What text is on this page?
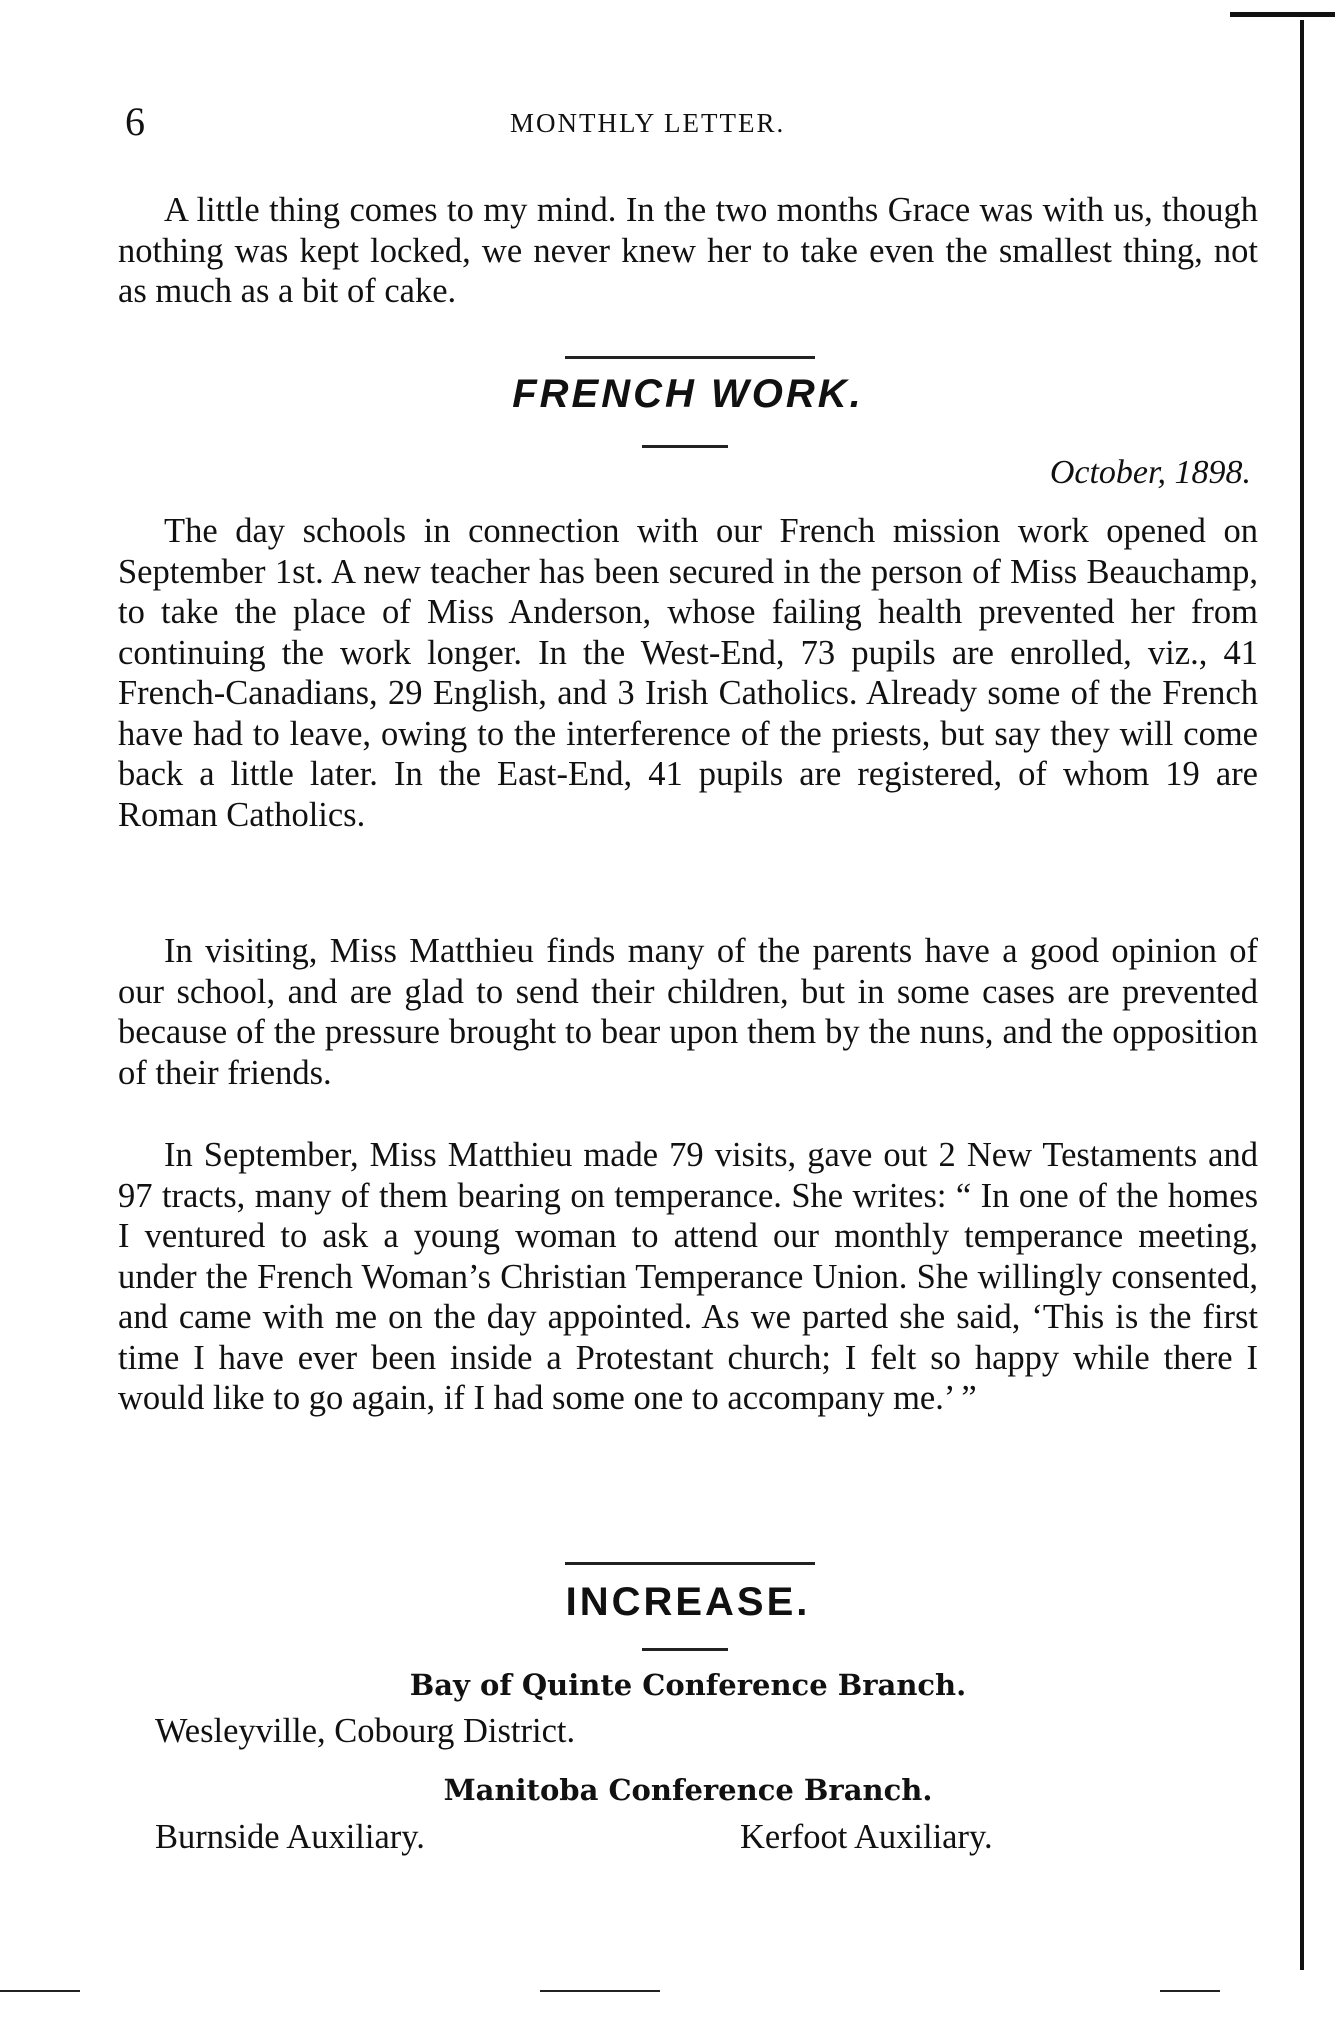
6	MONTHLY LETTER.

A little thing comes to my mind. In the two months Grace was with us, though nothing was kept locked, we never knew her to take even the smallest thing, not as much as a bit of cake.

FRENCH WORK.
October, 1898.

The day schools in connection with our French mission work opened on September 1st. A new teacher has been secured in the person of Miss Beauchamp, to take the place of Miss Anderson, whose failing health prevented her from continuing the work longer. In the West-End, 73 pupils are enrolled, viz., 41 French-Canadians, 29 English, and 3 Irish Catholics. Already some of the French have had to leave, owing to the interference of the priests, but say they will come back a little later. In the East-End, 41 pupils are registered, of whom 19 are Roman Catholics.

In visiting, Miss Matthieu finds many of the parents have a good opinion of our school, and are glad to send their children, but in some cases are prevented because of the pressure brought to bear upon them by the nuns, and the opposition of their friends.

In September, Miss Matthieu made 79 visits, gave out 2 New Testaments and 97 tracts, many of them bearing on temperance. She writes: “ In one of the homes I ventured to ask a young woman to attend our monthly temperance meeting, under the French Woman’s Christian Temperance Union. She willingly consented, and came with me on the day appointed. As we parted she said, ‘This is the first time I have ever been inside a Protestant church; I felt so happy while there I would like to go again, if I had some one to accompany me.’ ”

INCREASE.
Bay of Quinte Conference Branch.
Wesleyville, Cobourg District.
Manitoba Conference Branch.
Burnside Auxiliary.	Kerfoot Auxiliary.
